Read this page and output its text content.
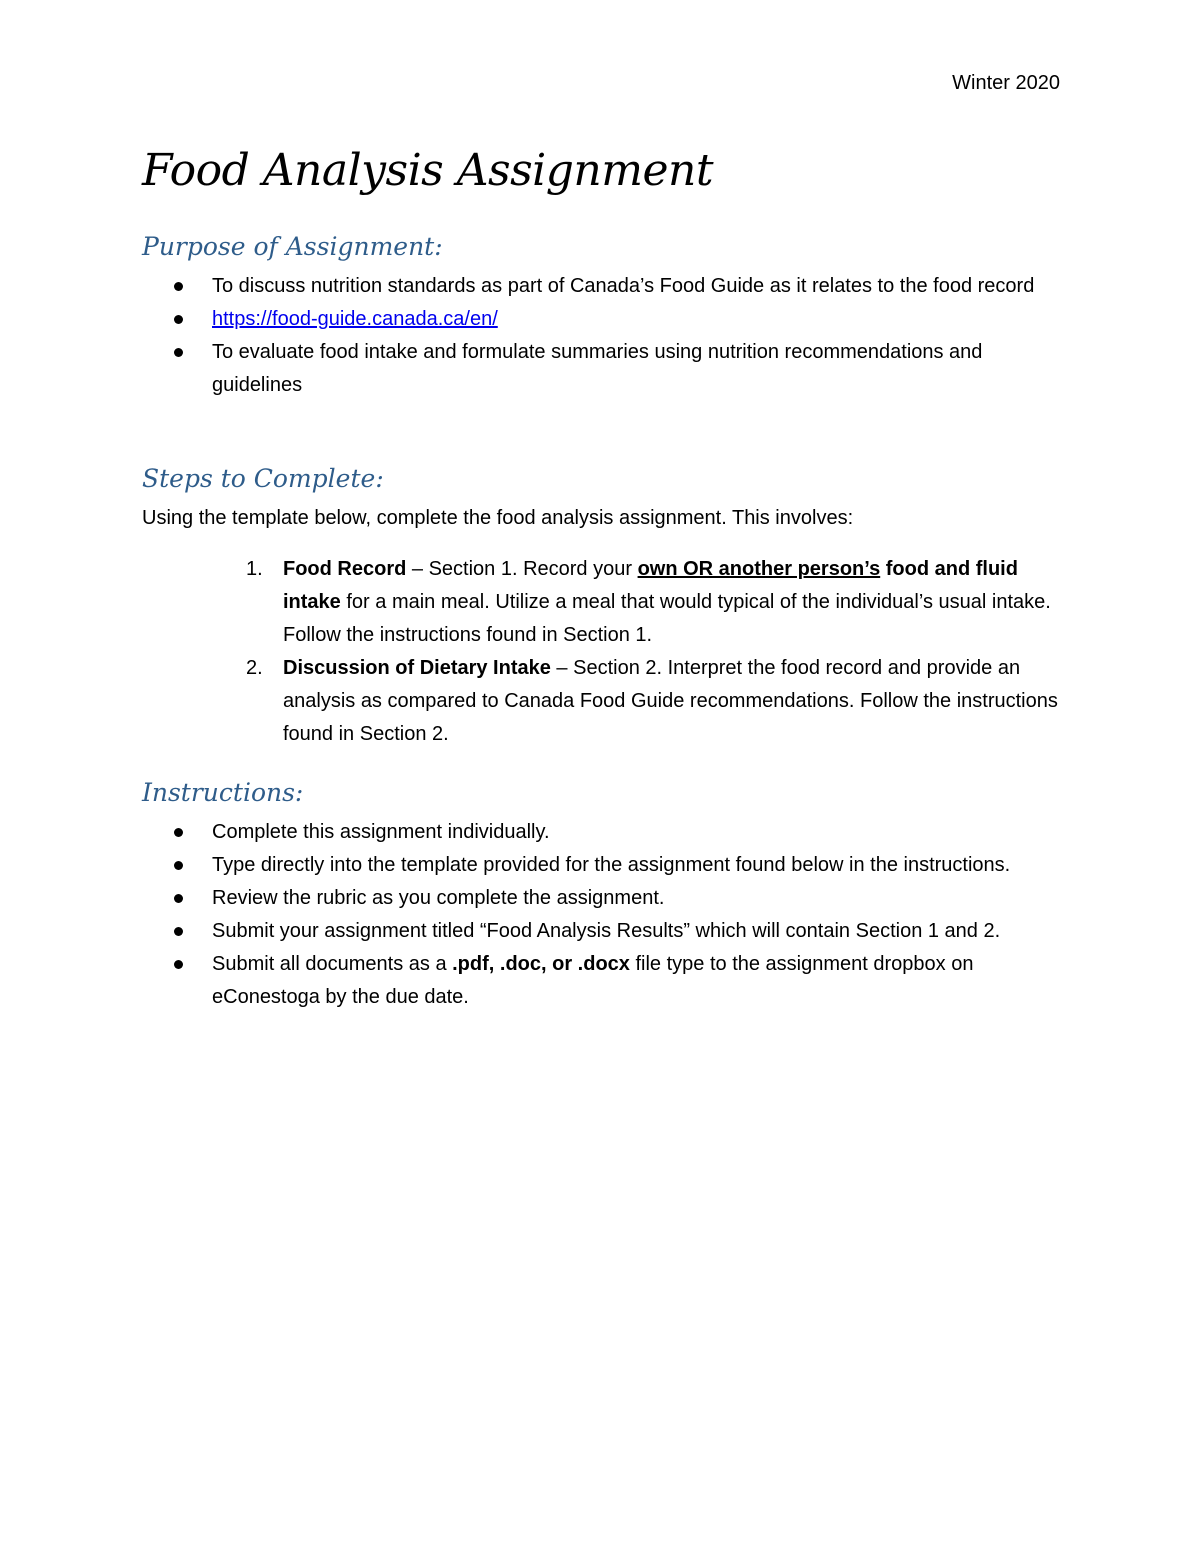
Winter 2020
Food Analysis Assignment
Purpose of Assignment:
To discuss nutrition standards as part of Canada’s Food Guide as it relates to the food record
https://food-guide.canada.ca/en/
To evaluate food intake and formulate summaries using nutrition recommendations and guidelines
Steps to Complete:
Using the template below, complete the food analysis assignment. This involves:
1. Food Record – Section 1. Record your own OR another person’s food and fluid intake for a main meal. Utilize a meal that would typical of the individual’s usual intake. Follow the instructions found in Section 1.
2. Discussion of Dietary Intake – Section 2. Interpret the food record and provide an analysis as compared to Canada Food Guide recommendations. Follow the instructions found in Section 2.
Instructions:
Complete this assignment individually.
Type directly into the template provided for the assignment found below in the instructions.
Review the rubric as you complete the assignment.
Submit your assignment titled “Food Analysis Results” which will contain Section 1 and 2.
Submit all documents as a .pdf, .doc, or .docx file type to the assignment dropbox on eConestoga by the due date.
